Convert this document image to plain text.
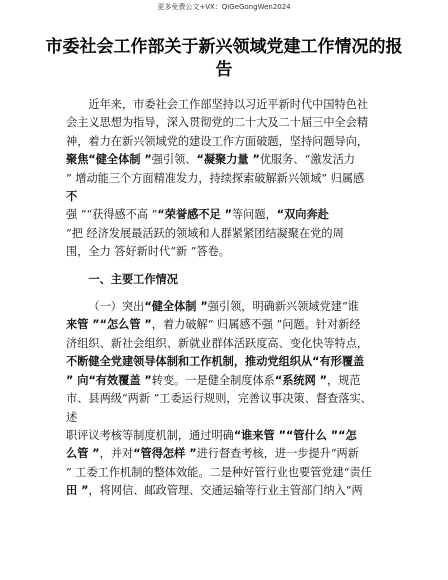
更多免费公文+VX：QiGeGongWen2024
市委社会工作部关于新兴领域党建工作情况的报告

近年来，市委社会工作部坚持以习近平新时代中国特色社

会主义思想为指导，深入贯彻党的二十大及二十届三中全会精

神，着力在新兴领域党的建设工作方面破题，坚持问题导向，

聚焦“健全体制 ”强引领、“凝聚力量 ”优服务、“激发活力

” 增动能三个方面精准发力，持续探索破解新兴领域“ 归属感

不

强 ”“获得感不高 ”“荣誉感不足 ”等问题，“双向奔赴

”把 经济发展最活跃的领域和人群紧紧团结凝聚在党的周

围，全力 答好新时代“新 ”答卷。

一、主要工作情况

（一）突出“健全体制 ”强引领，明确新兴领域党建“谁

来管 ”“怎么管 ”，着力破解“ 归属感不强 ”问题。针对新经

济组织、新社会组织、新就业群体活跃度高、变化快等特点，

不断健全党建领导体制和工作机制，推动党组织从“有形覆盖

” 向“有效覆盖 ”转变。一是健全制度体系“系统网 ”，规范

市、县两级“两新 ”工委运行规则，完善议事决策、督查落实、

述

职评议考核等制度机制，通过明确“谁来管 ”“管什么 ”“怎

么管 ”，并对“管得怎样 ”进行督查考核，进一步提升“两新

” 工委工作机制的整体效能。二是种好管行业也要管党建“责任

田 ”，将网信、邮政管理、交通运输等行业主管部门纳入“两
